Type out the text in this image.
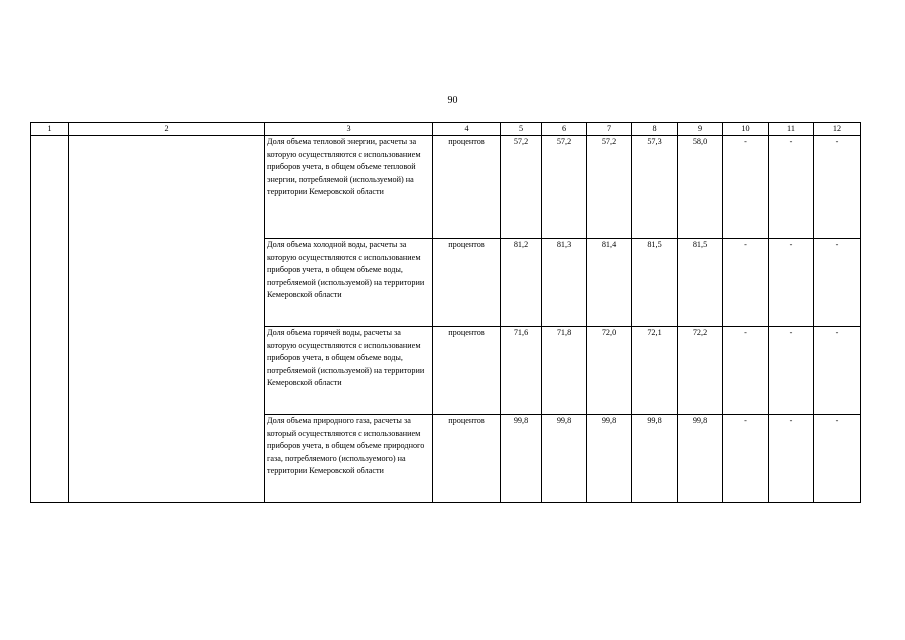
90
1	2	3	4	5	6	7	8	9	10	11	12
		Доля объема тепловой энергии, расчеты за которую осуществляются с использованием приборов учета, в общем объеме тепловой энергии, потребляемой (используемой) на территории Кемеровской области	процентов	57,2	57,2	57,2	57,3	58,0	-	-	-
		Доля объема холодной воды, расчеты за которую осуществляются с использованием приборов учета, в общем объеме воды, потребляемой (используемой) на территории Кемеровской области	процентов	81,2	81,3	81,4	81,5	81,5	-	-	-
		Доля объема горячей воды, расчеты за которую осуществляются с использованием приборов учета, в общем объеме воды, потребляемой (используемой) на территории Кемеровской области	процентов	71,6	71,8	72,0	72,1	72,2	-	-	-
		Доля объема природного газа, расчеты за который осуществляются с использованием приборов учета, в общем объеме природного газа, потребляемого (используемого) на территории Кемеровской области	процентов	99,8	99,8	99,8	99,8	99,8	-	-	-
